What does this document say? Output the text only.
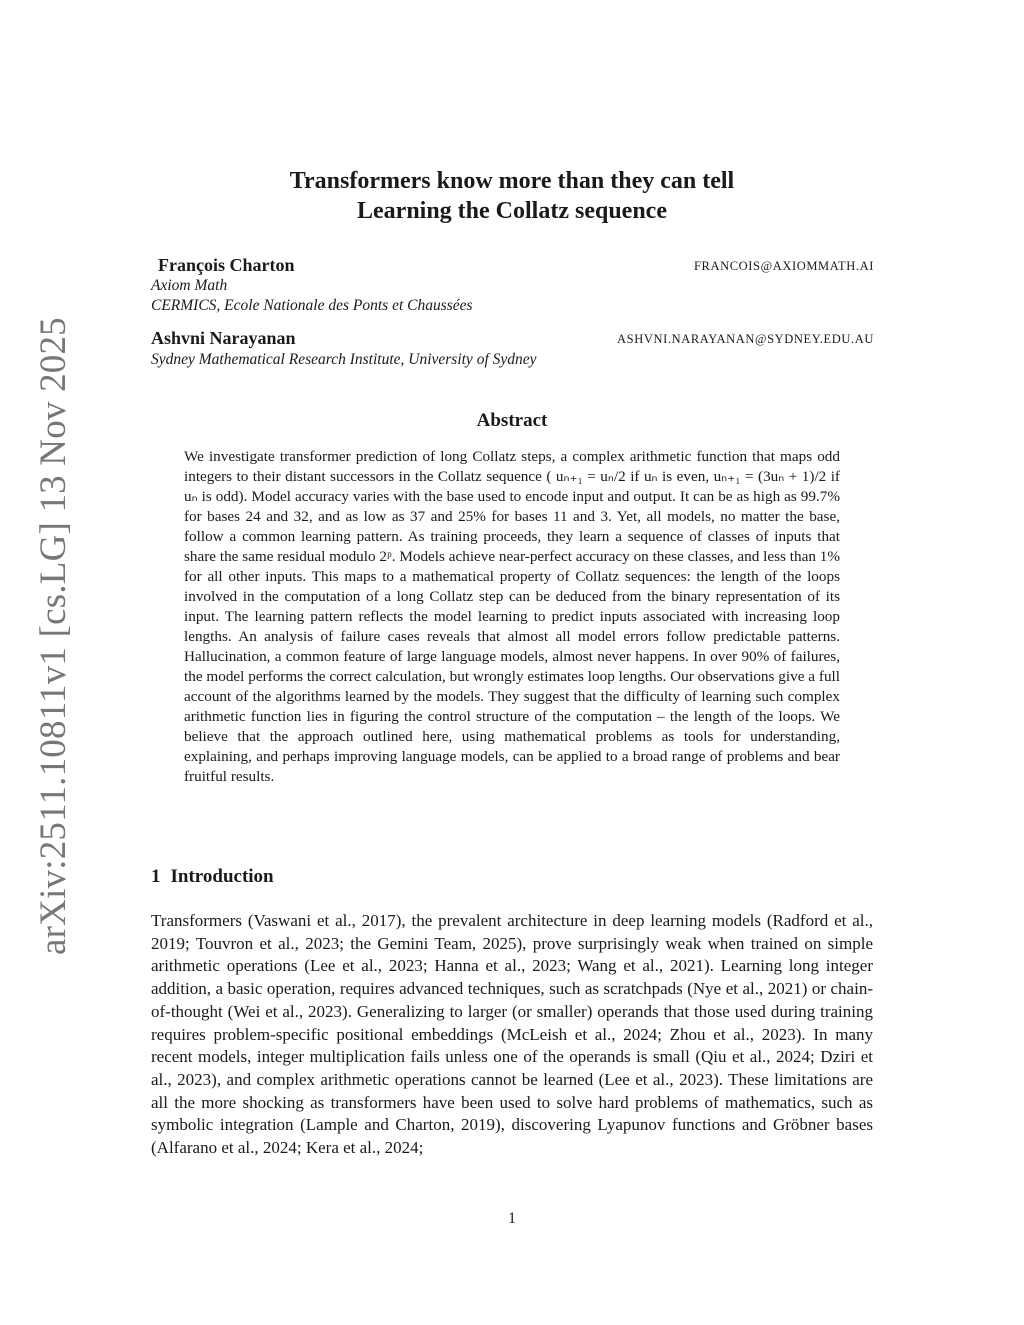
arXiv:2511.10811v1 [cs.LG] 13 Nov 2025
Transformers know more than they can tell
Learning the Collatz sequence
François Charton	FRANCOIS@AXIOMMATH.AI
Axiom Math
CERMICS, Ecole Nationale des Ponts et Chaussées
Ashvni Narayanan	ASHVNI.NARAYANAN@SYDNEY.EDU.AU
Sydney Mathematical Research Institute, University of Sydney
Abstract

We investigate transformer prediction of long Collatz steps, a complex arithmetic function that maps odd integers to their distant successors in the Collatz sequence ( uₙ₊₁ = uₙ/2 if uₙ is even, uₙ₊₁ = (3uₙ + 1)/2 if uₙ is odd). Model accuracy varies with the base used to encode input and output. It can be as high as 99.7% for bases 24 and 32, and as low as 37 and 25% for bases 11 and 3. Yet, all models, no matter the base, follow a common learning pattern. As training proceeds, they learn a sequence of classes of inputs that share the same residual modulo 2ᵖ. Models achieve near-perfect accuracy on these classes, and less than 1% for all other inputs. This maps to a mathematical property of Collatz sequences: the length of the loops involved in the computation of a long Collatz step can be deduced from the binary representation of its input. The learning pattern reflects the model learning to predict inputs associated with increasing loop lengths. An analysis of failure cases reveals that almost all model errors follow predictable patterns. Hallucination, a common feature of large language models, almost never happens. In over 90% of failures, the model performs the correct calculation, but wrongly estimates loop lengths. Our observations give a full account of the algorithms learned by the models. They suggest that the difficulty of learning such complex arithmetic function lies in figuring the control structure of the computation – the length of the loops. We believe that the approach outlined here, using mathematical problems as tools for understanding, explaining, and perhaps improving language models, can be applied to a broad range of problems and bear fruitful results.

1 Introduction

Transformers (Vaswani et al., 2017), the prevalent architecture in deep learning models (Radford et al., 2019; Touvron et al., 2023; the Gemini Team, 2025), prove surprisingly weak when trained on simple arithmetic operations (Lee et al., 2023; Hanna et al., 2023; Wang et al., 2021). Learning long integer addition, a basic operation, requires advanced techniques, such as scratchpads (Nye et al., 2021) or chain-of-thought (Wei et al., 2023). Generalizing to larger (or smaller) operands that those used during training requires problem-specific positional embeddings (McLeish et al., 2024; Zhou et al., 2023). In many recent models, integer multiplication fails unless one of the operands is small (Qiu et al., 2024; Dziri et al., 2023), and complex arithmetic operations cannot be learned (Lee et al., 2023). These limitations are all the more shocking as transformers have been used to solve hard problems of mathematics, such as symbolic integration (Lample and Charton, 2019), discovering Lyapunov functions and Gröbner bases (Alfarano et al., 2024; Kera et al., 2024;

1
